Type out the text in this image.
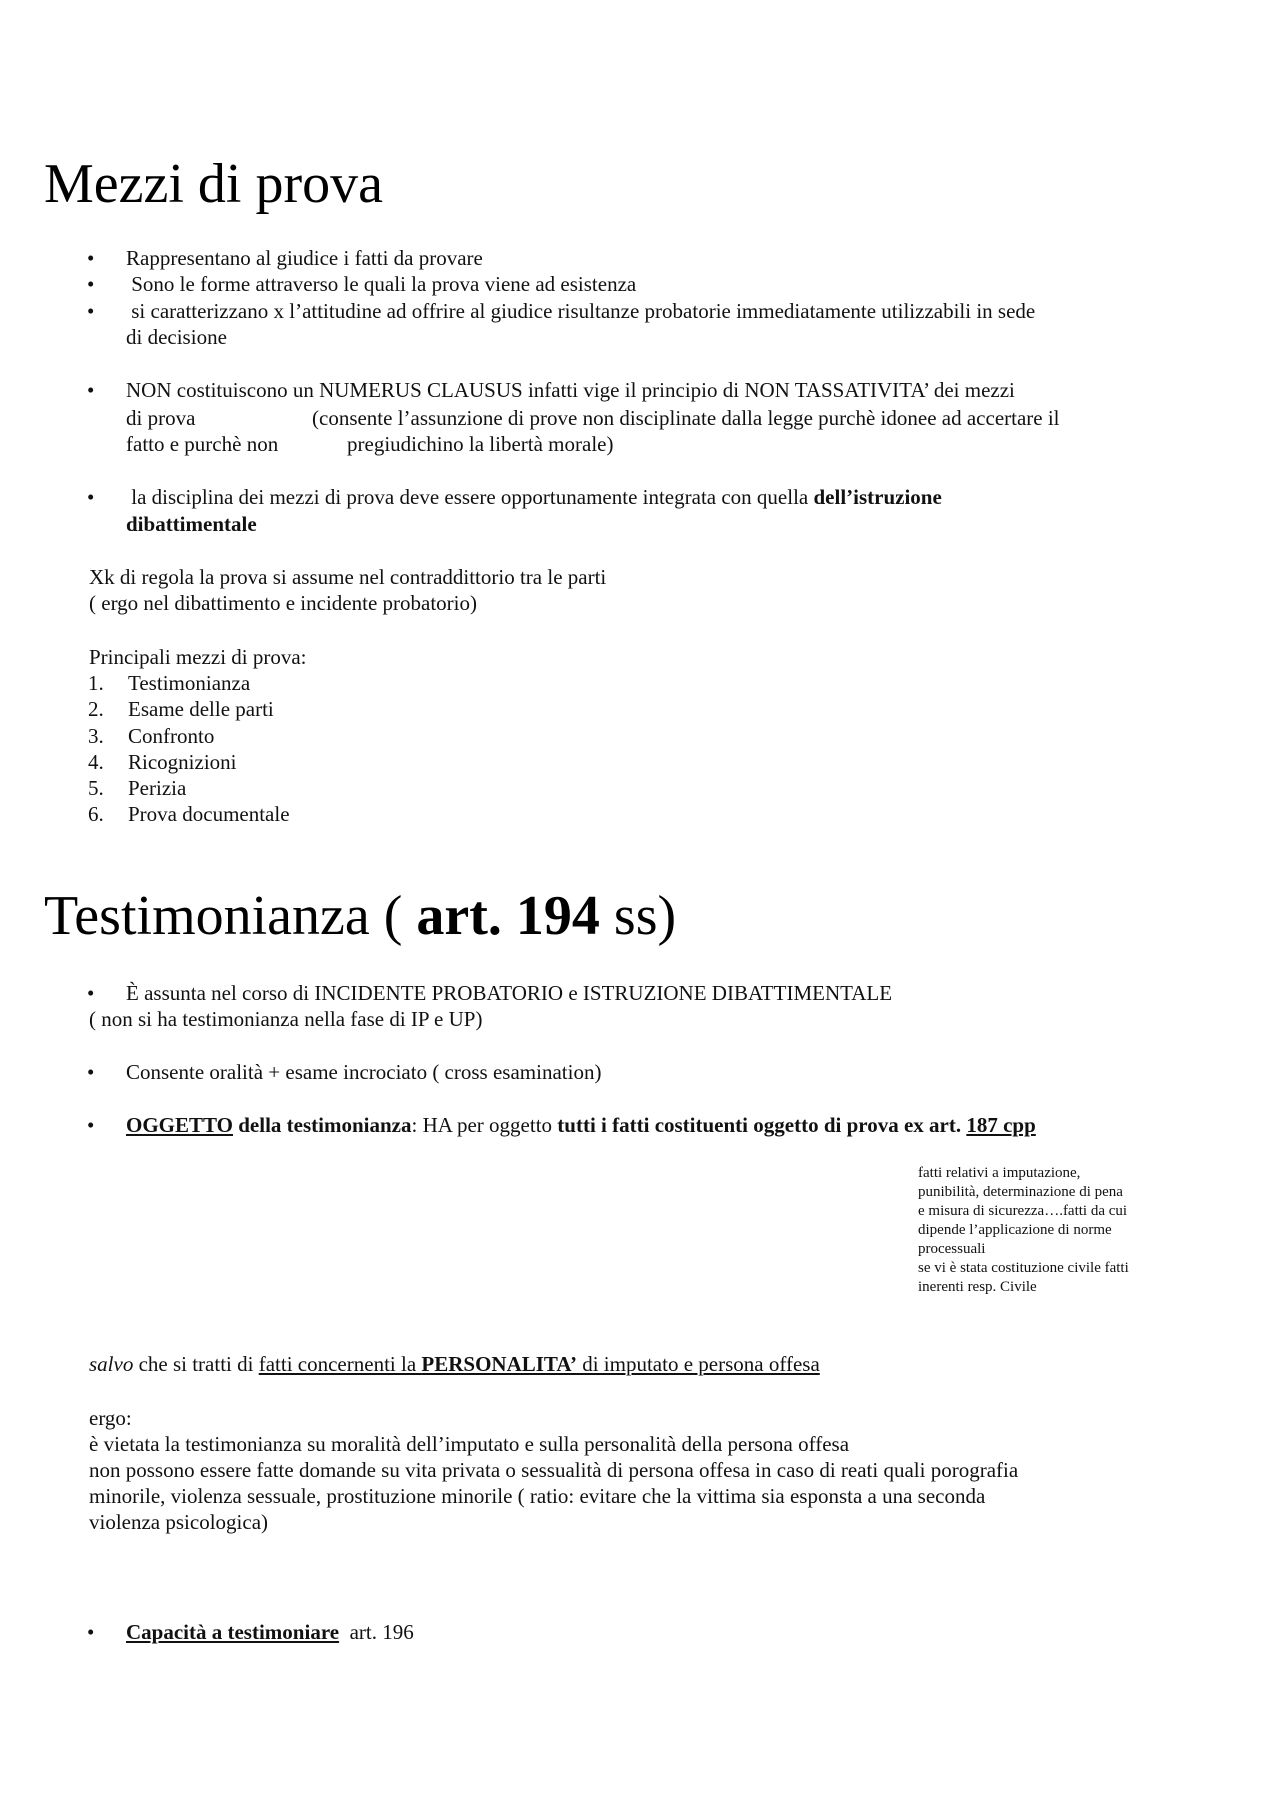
Mezzi di prova
• Rappresentano al giudice i fatti da provare
• Sono le forme attraverso le quali la prova viene ad esistenza
• si caratterizzano x l’attitudine ad offrire al giudice risultanze probatorie immediatamente utilizzabili in sede
di decisione
• NON costituiscono un NUMERUS CLAUSUS infatti vige il principio di NON TASSATIVITA’ dei mezzi
di prova	(consente l’assunzione di prove non disciplinate dalla legge purchè idonee ad accertare il
fatto e purchè non	pregiudichino la libertà morale)
• la disciplina dei mezzi di prova deve essere opportunamente integrata con quella dell’istruzione
dibattimentale
Xk di regola la prova si assume nel contraddittorio tra le parti
( ergo nel dibattimento e incidente probatorio)
Principali mezzi di prova:
1. Testimonianza
2. Esame delle parti
3. Confronto
4. Ricognizioni
5. Perizia
6. Prova documentale
Testimonianza ( art. 194 ss)
• È assunta nel corso di INCIDENTE PROBATORIO e ISTRUZIONE DIBATTIMENTALE
( non si ha testimonianza nella fase di IP e UP)
• Consente oralità + esame incrociato ( cross esamination)
• OGGETTO della testimonianza: HA per oggetto tutti i fatti costituenti oggetto di prova ex art. 187 cpp
fatti relativi a imputazione,
punibilità, determinazione di pena
e misura di sicurezza….fatti da cui
dipende l’applicazione di norme
processuali
se vi è stata costituzione civile fatti
inerenti resp. Civile
salvo che si tratti di fatti concernenti la PERSONALITA’ di imputato e persona offesa
ergo:
è vietata la testimonianza su moralità dell’imputato e sulla personalità della persona offesa
non possono essere fatte domande su vita privata o sessualità di persona offesa in caso di reati quali porografia
minorile, violenza sessuale, prostituzione minorile ( ratio: evitare che la vittima sia esponsta a una seconda
violenza psicologica)
• Capacità a testimoniare  art. 196
